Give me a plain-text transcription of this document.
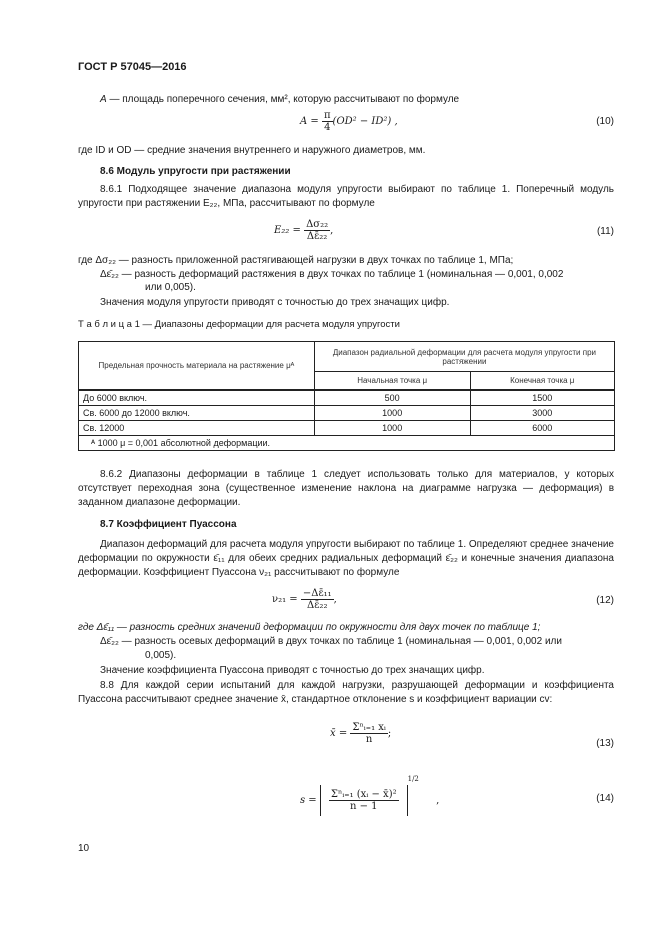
ГОСТ Р 57045—2016
A — площадь поперечного сечения, мм², которую рассчитывают по формуле
$A = \frac{\pi}{4} (OD^2 - ID^2)$ ,	(10)
где ID и OD — средние значения внутреннего и наружного диаметров, мм.
8.6 Модуль упругости при растяжении
8.6.1 Подходящее значение диапазона модуля упругости выбирают по таблице 1. Поперечный модуль упругости при растяжении E₂₂, МПа, рассчитывают по формуле
$E_{22} = \frac{\text{Δσ₂₂}}{\text{Δε̄₂₂}}$ ,	(11)
где Δσ₂₂ — разность приложенной растягивающей нагрузки в двух точках по таблице 1, МПа;
Δε̄₂₂ — разность деформаций растяжения в двух точках по таблице 1 (номинальная — 0,001, 0,002
или 0,005).
Значения модуля упругости приводят с точностью до трех значащих цифр.
Т а б л и ц а 1 — Диапазоны деформации для расчета модуля упругости
Предельная прочность материала на растяжение μᴬ	Диапазон радиальной деформации для расчета модуля упругости при растяжении	
	Начальная точка μ	Конечная точка μ
До 6000 включ.	500	1500
Св. 6000 до 12000 включ.	1000	3000
Св. 12000	1000	6000
ᴬ 1000 μ = 0,001 абсолютной деформации.		
8.6.2 Диапазоны деформации в таблице 1 следует использовать только для материалов, у которых отсутствует переходная зона (существенное изменение наклона на диаграмме нагрузка — деформация) в заданном диапазоне деформации.
8.7 Коэффициент Пуассона
Диапазон деформаций для расчета модуля упругости выбирают по таблице 1. Определяют среднее значение деформации по окружности ε̄₁₁ для обеих средних радиальных деформаций ε̄₂₂ и конечные значения диапазона деформации. Коэффициент Пуассона ν₂₁ рассчитывают по формуле
$\nu_{21} = \frac{\text{−Δε̄₁₁}}{\text{Δε̄₂₂}}$ ,	(12)
где Δε̄₁₁ — разность средних значений деформации по окружности для двух точек по таблице 1;
Δε̄₂₂ — разность осевых деформаций в двух точках по таблице 1 (номинальная — 0,001, 0,002 или
0,005).
Значение коэффициента Пуассона приводят с точностью до трех значащих цифр.
8.8 Для каждой серии испытаний для каждой нагрузки, разрушающей деформации и коэффициента Пуассона рассчитывают среднее значение x̄, стандартное отклонение s и коэффициент вариации cv:
x̄ = $\frac{\text{Σⁿᵢ₌₁ xᵢ}}{n}$ ;
(13)
$s = \frac{\text{Σⁿᵢ₌₁ (xᵢ − x̄)²}}{n - 1}$
$^{1/2}$ ,	(14)
10
